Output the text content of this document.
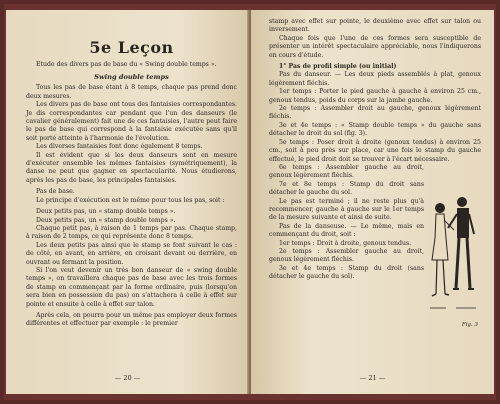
5e Leçon

Etude des divers pas de base du « Swing double temps ».

Swing double temps

Tous les pas de base étant à 8 temps, chaque pas prend donc deux mesures.

Les divers pas de base ont tous des fantaisies correspondantes. Je dis correspondantes car pendant que l'un des danseurs (le cavalier généralement) fait une de ces fantaisies, l'autre peut faire le pas de base qui correspond à la fantaisie exécutée sans qu'il soit porté atteinte à l'harmonie de l'évolution.

Les diverses fantaisies font donc également 8 temps.

Il est évident que si les deux danseurs sont en mesure d'exécuter ensemble les mêmes fantaisies (symétriquement), la danse ne peut que gagner en spectacularité. Nous étudierons, après les pas de base, les principales fantaisies.

Pas de base.

Le principe d'exécution est le même pour tous les pas, soit :

Deux petits pas, un « stamp double temps ».

Deux petits pas, un « stamp double temps ».

Chaque petit pas, à raison de 1 temps par pas. Chaque stamp, à raison de 2 temps, ce qui représente donc 8 temps.

Les deux petits pas ainsi que le stamp se font suivant le cas : de côté, en avant, en arrière, en croisant devant ou derrière, en ouvrant ou fermant la position.

Si l'on veut devenir un très bon danseur de « swing double temps », on travaillera chaque pas de base avec les trois formes de stamp en commençant par la forme ordinaire, puis (lorsqu'on sera bien en possession du pas) on s'attachera à celle à effet sur pointe et ensuite à celle à effet sur talon.

Après cela, on pourra pour un même pas employer deux formes différentes et effectuer par exemple : le premier

— 20 —

stamp avec effet sur pointe, le deuxième avec effet sur talon ou inversement.

Chaque fois que l'une de ces formes sera susceptible de présenter un intérêt spectaculaire appréciable, nous l'indiquerons en cours d'étude.

1° Pas de profil simple (ou initial)

Pas du danseur. — Les deux pieds assemblés à plat, genoux légèrement fléchis.

1er temps : Porter le pied gauche à gauche à environ 25 cm., genoux tendus, poids du corps sur la jambe gauche.

2e temps : Assembler droit au gauche, genoux légèrement fléchis.

3e et 4e temps : « Stamp double temps » du gauche sans détacher le droit du sol (fig. 3).

5e temps : Poser droit à droite (genoux tendus) à environ 25 cm., soit à peu près sur place, car une fois le stamp du gauche effectué, le pied droit doit se trouver à l'écart nécessaire.

6e temps : Assembler gauche au droit, genoux légèrement fléchis.

7e et 8e temps : Stamp du droit sans détacher le gauche du sol.

Le pas est terminé ; il ne reste plus qu'à recommencer, gauche à gauche sur le 1er temps de la mesure suivante et ainsi de suite.

Pas de la danseuse. — Le même, mais en commençant du droit, soit :

1er temps : Droit à droite, genoux tendus.

2e temps : Assembler gauche au droit, genoux légèrement fléchis.

3e et 4e temps : Stamp du droit (sans détacher le gauche du sol).

Fig. 3
— 21 —
